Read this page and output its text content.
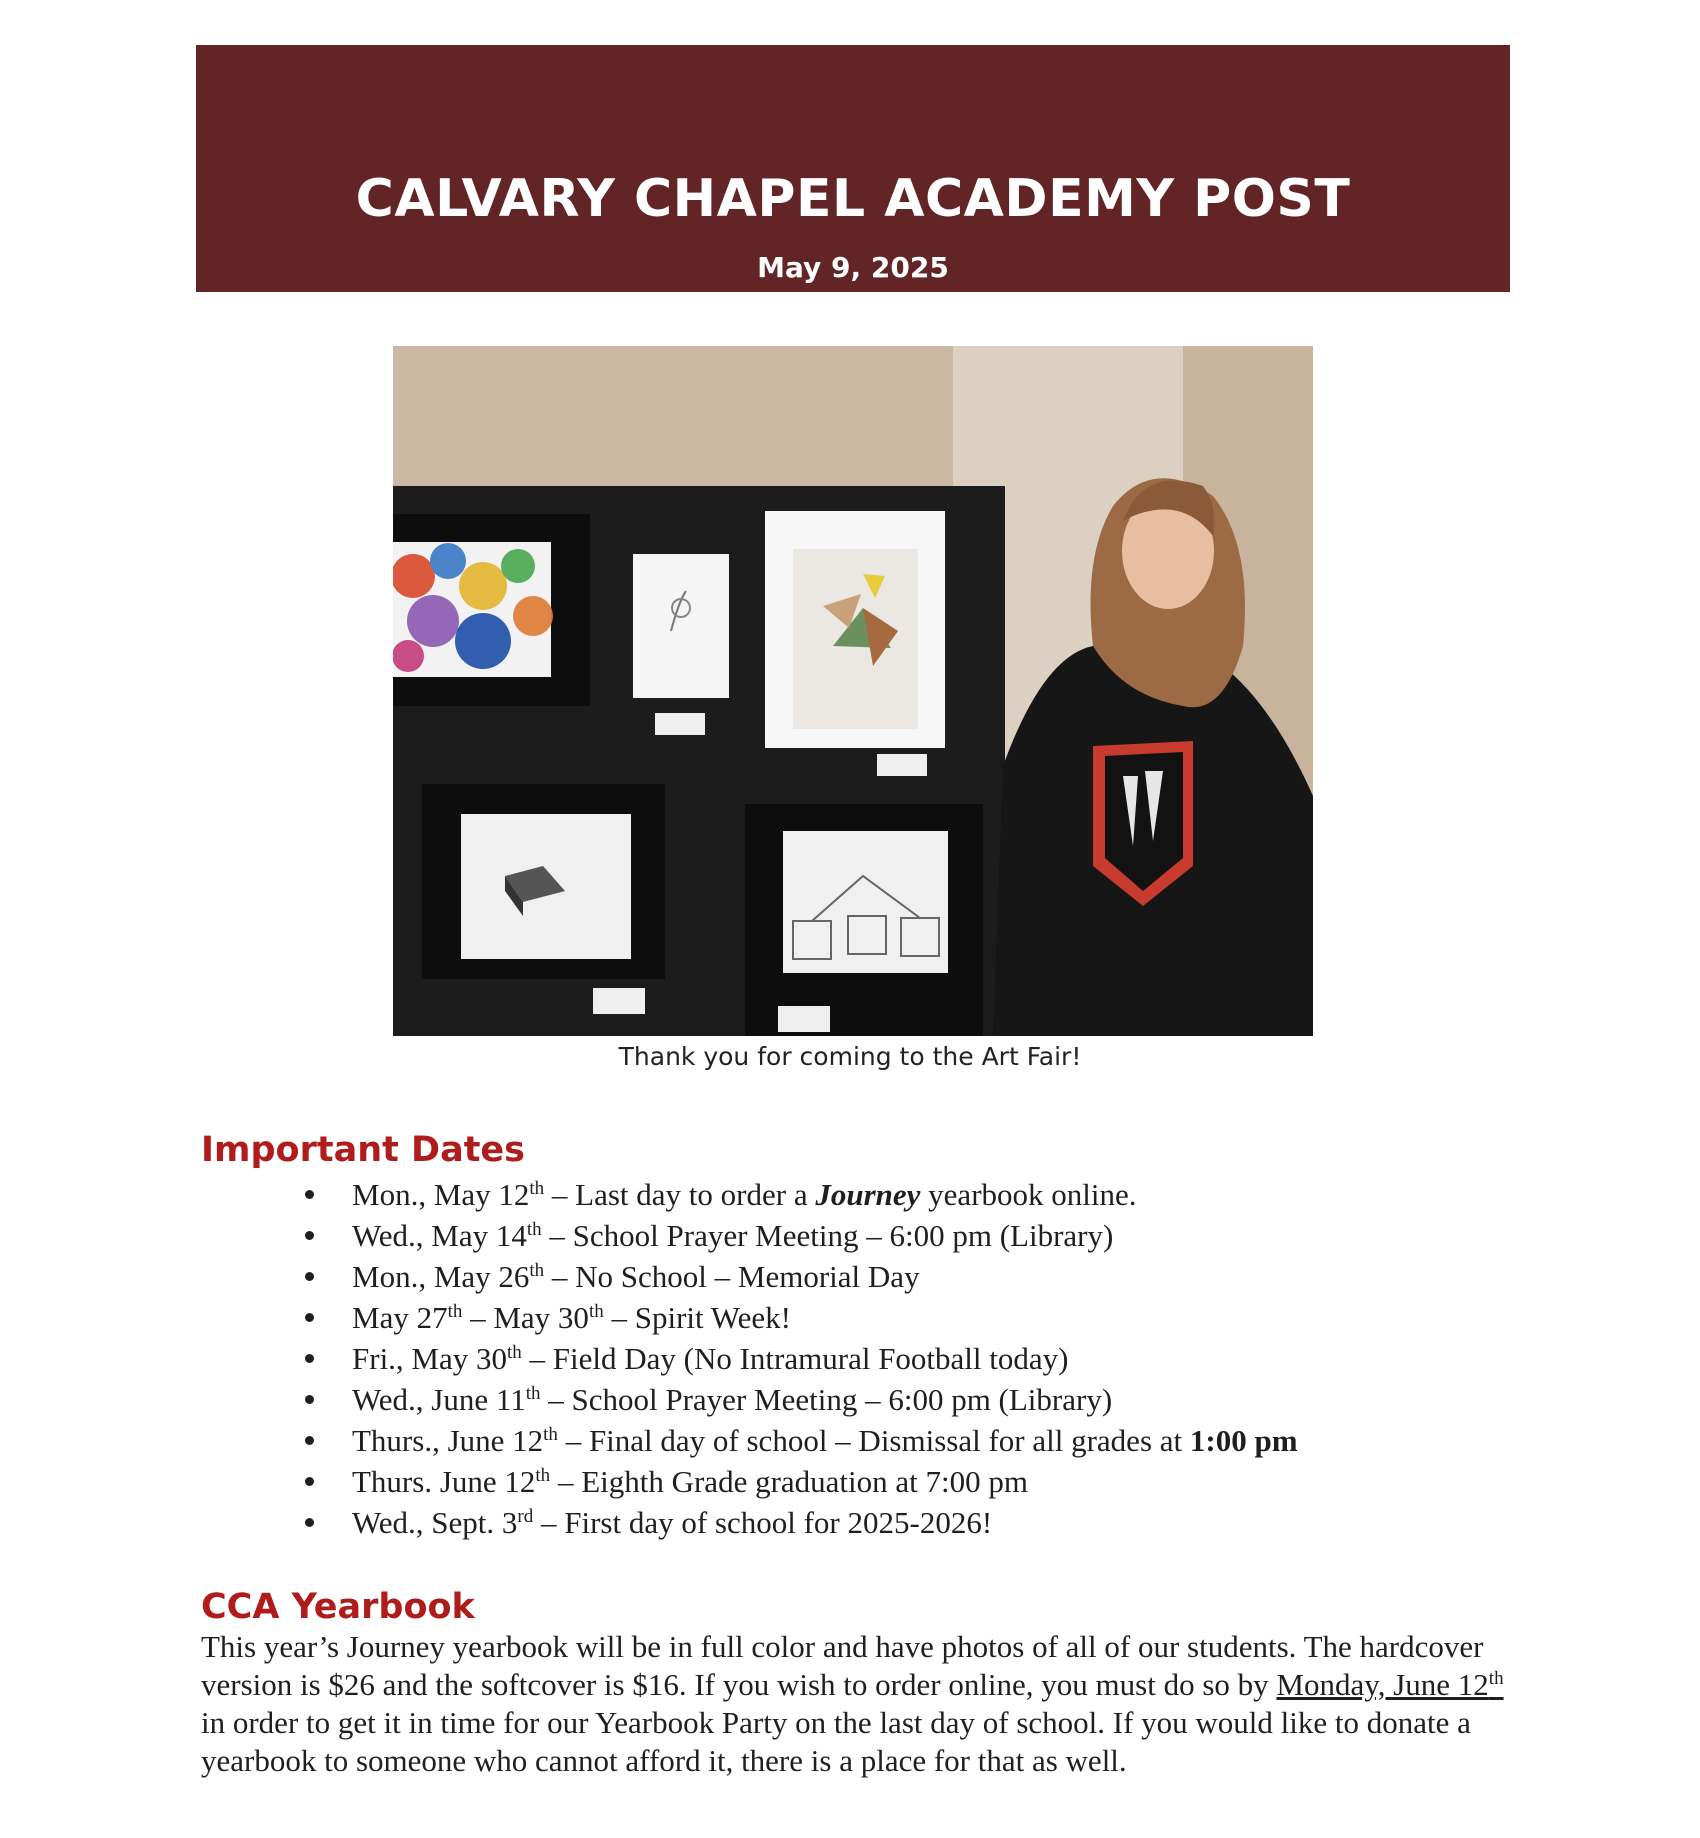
CALVARY CHAPEL ACADEMY POST
May 9, 2025
Thank you for coming to the Art Fair!
Important Dates
Mon., May 12th – Last day to order a Journey yearbook online.
Wed., May 14th – School Prayer Meeting – 6:00 pm (Library)
Mon., May 26th – No School – Memorial Day
May 27th – May 30th – Spirit Week!
Fri., May 30th – Field Day (No Intramural Football today)
Wed., June 11th – School Prayer Meeting – 6:00 pm (Library)
Thurs., June 12th – Final day of school – Dismissal for all grades at 1:00 pm
Thurs. June 12th – Eighth Grade graduation at 7:00 pm
Wed., Sept. 3rd – First day of school for 2025-2026!
CCA Yearbook

This year’s Journey yearbook will be in full color and have photos of all of our students. The hardcover version is $26 and the softcover is $16. If you wish to order online, you must do so by Monday, June 12th in order to get it in time for our Yearbook Party on the last day of school. If you would like to donate a yearbook to someone who cannot afford it, there is a place for that as well.
